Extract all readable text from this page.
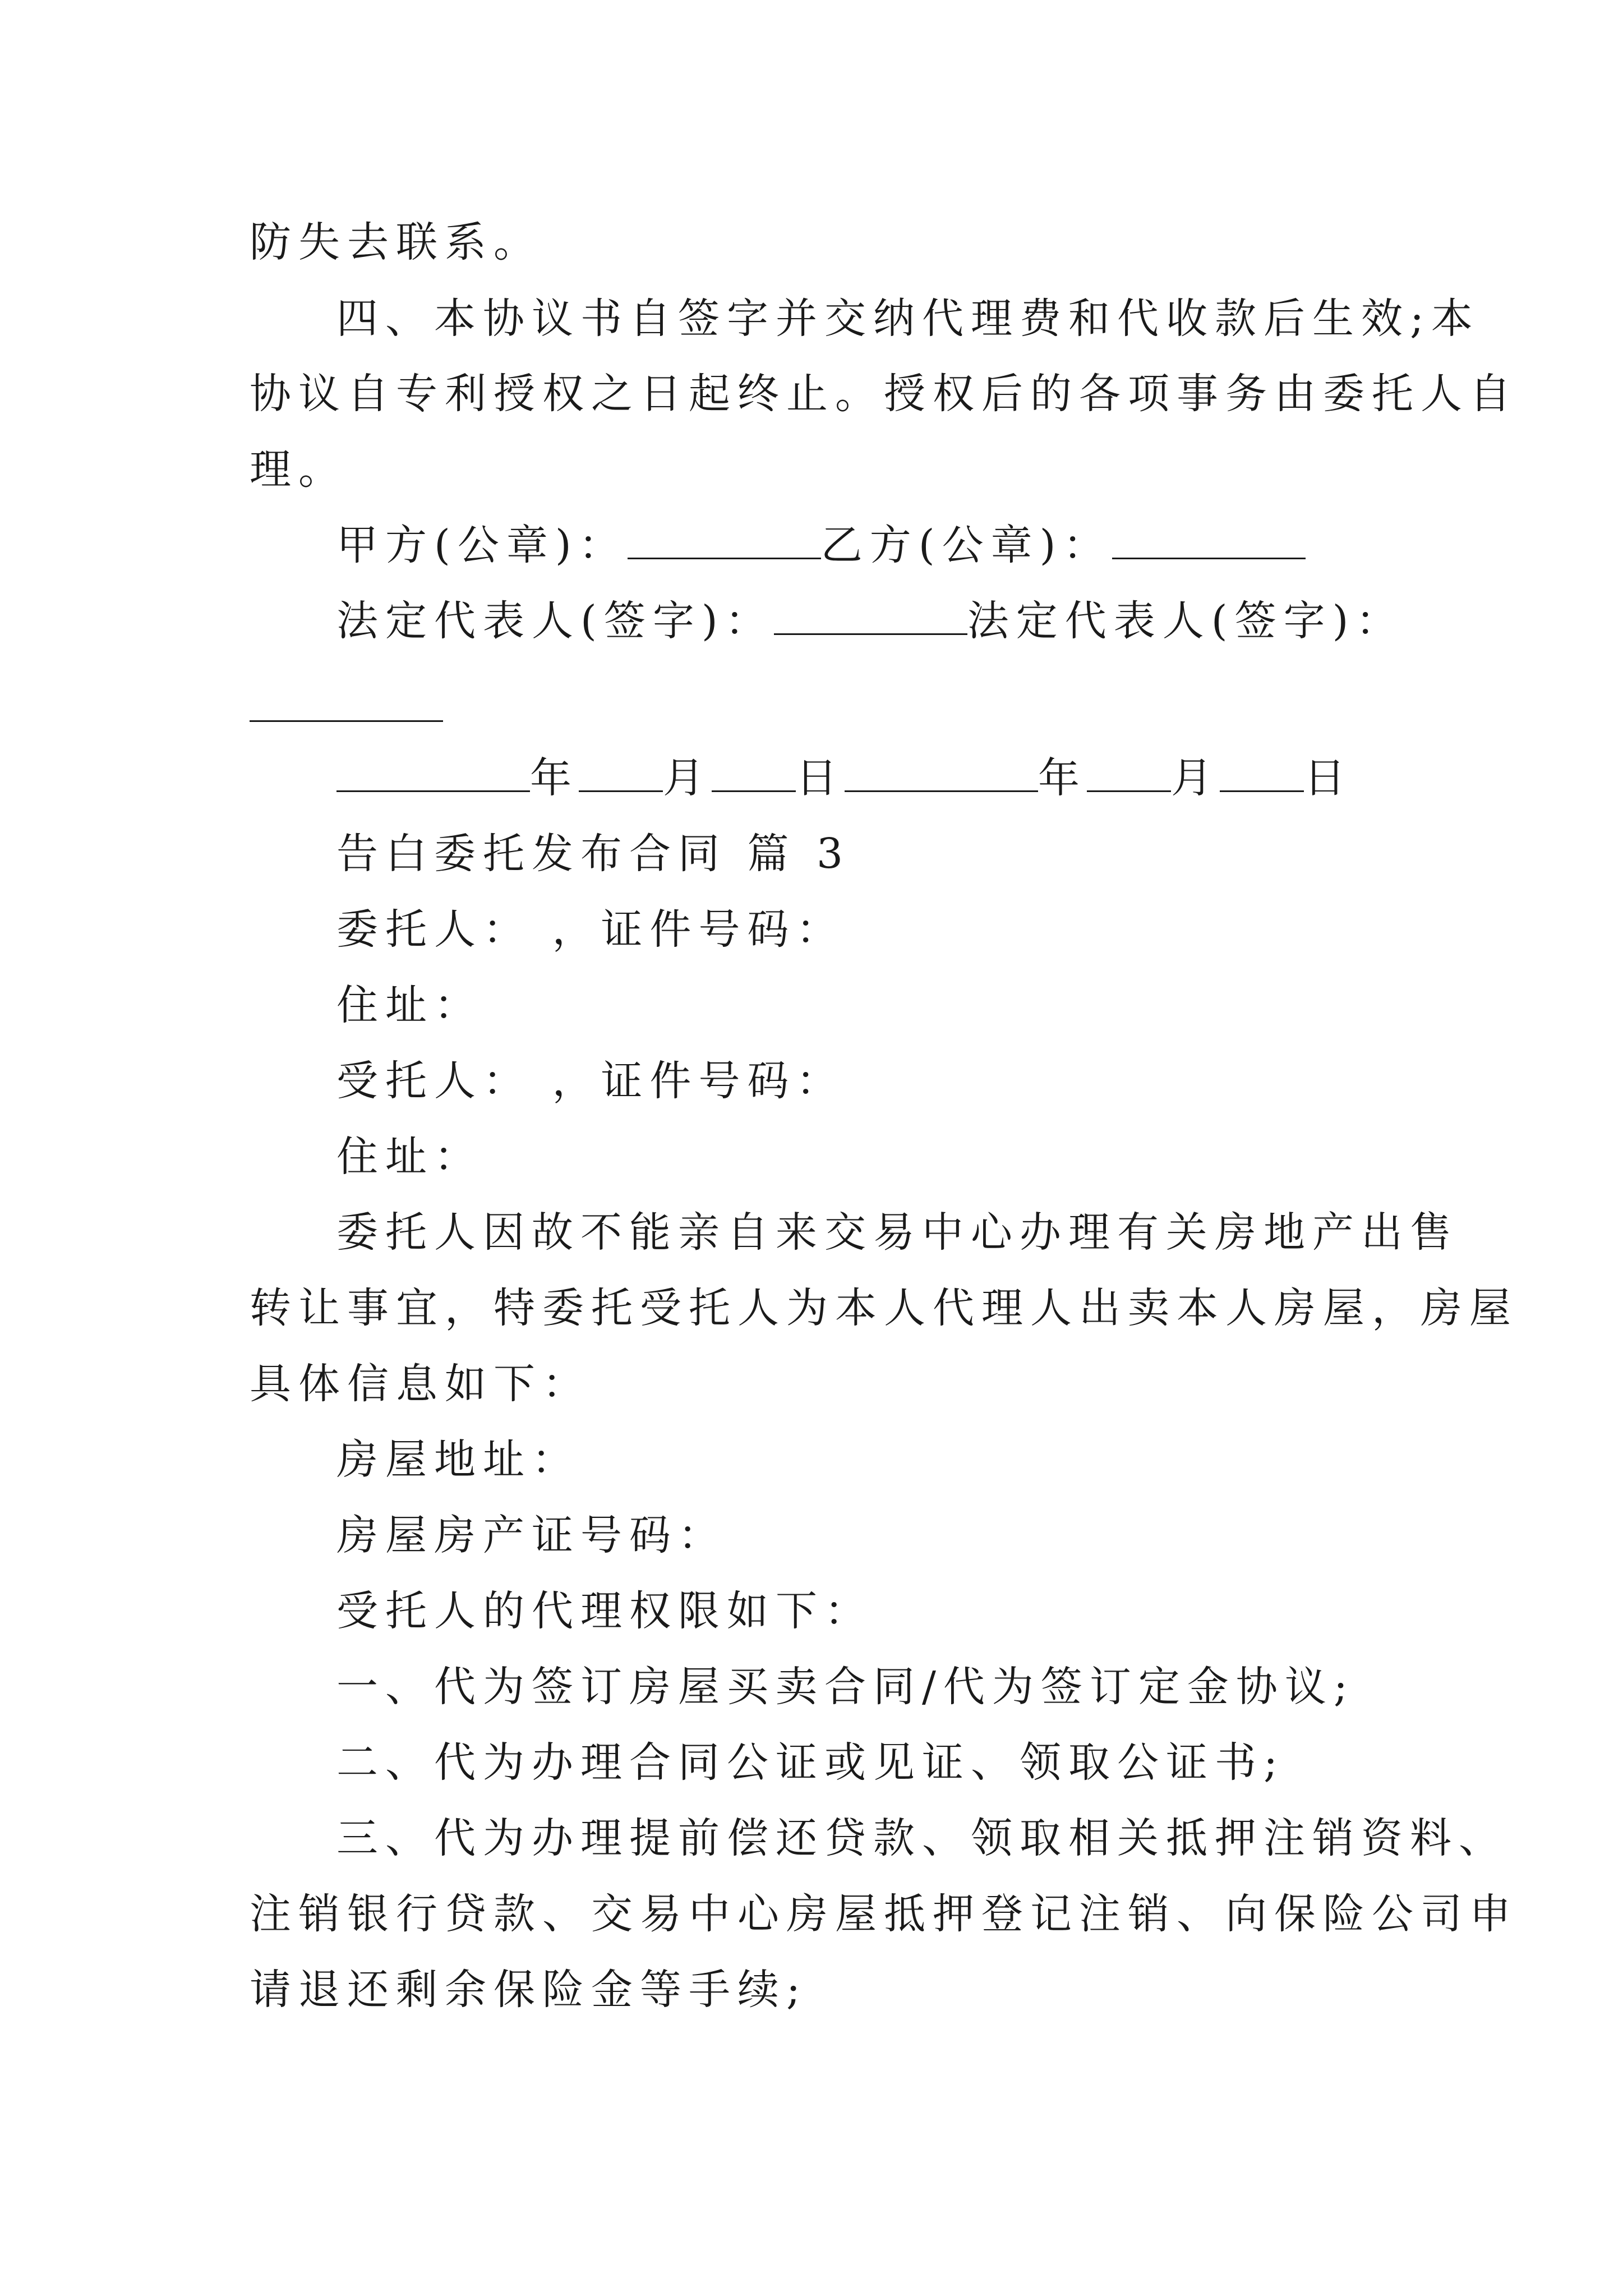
防失去联系。
四、本协议书自签字并交纳代理费和代收款后生效;本
协议自专利授权之日起终止。授权后的各项事务由委托人自
理。
甲方(公章)：	乙方(公章)：
法定代表人(签字)：	法定代表人(签字)：
年 月 日	年 月 日
告白委托发布合同 篇 3
委托人： ，证件号码：
住址：
受托人： ，证件号码：
住址：
委托人因故不能亲自来交易中心办理有关房地产出售
转让事宜，特委托受托人为本人代理人出卖本人房屋，房屋
具体信息如下：
房屋地址：
房屋房产证号码：
受托人的代理权限如下：
一、代为签订房屋买卖合同/代为签订定金协议;
二、代为办理合同公证或见证、领取公证书;
三、代为办理提前偿还贷款、领取相关抵押注销资料、
注销银行贷款、交易中心房屋抵押登记注销、向保险公司申
请退还剩余保险金等手续;
